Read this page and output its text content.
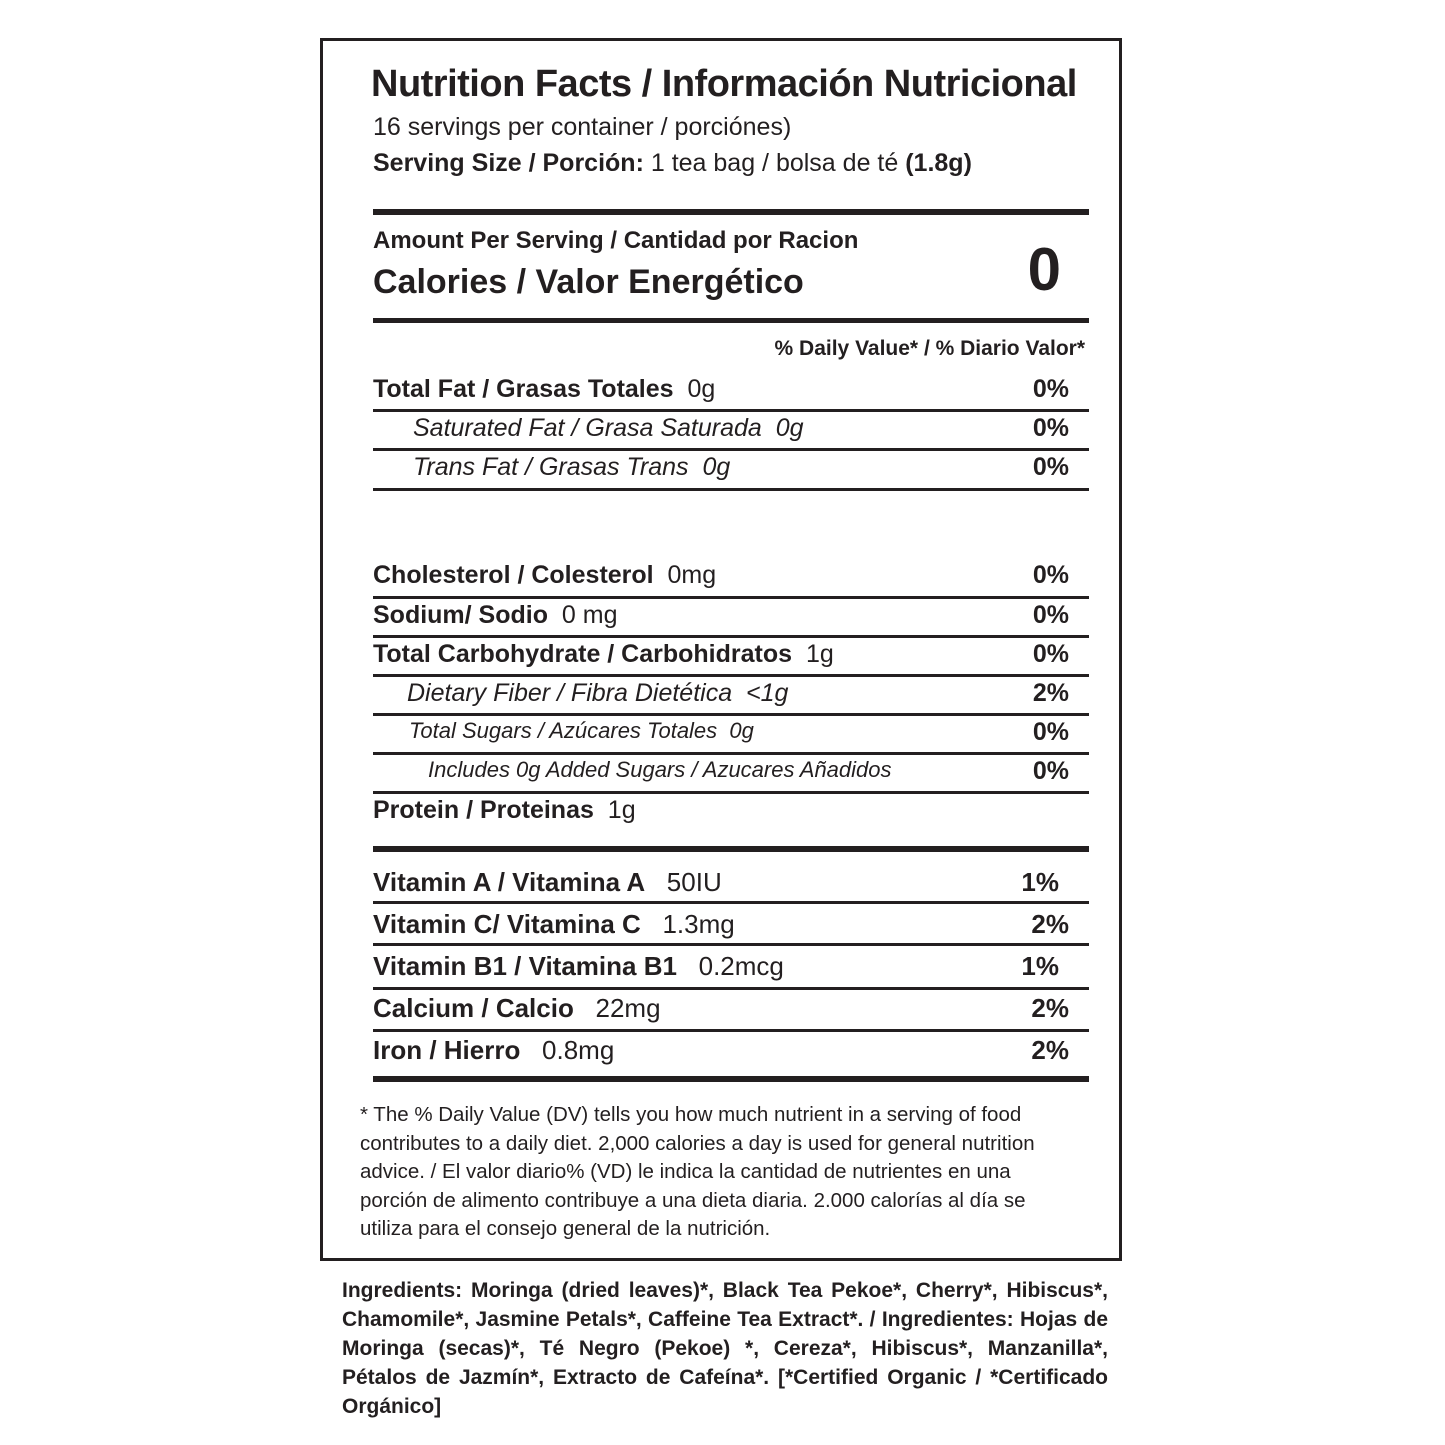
Nutrition Facts / Información Nutricional
16 servings per container / porciónes)
Serving Size / Porción: 1 tea bag / bolsa de té (1.8g)
Amount Per Serving / Cantidad por Racion
Calories / Valor Energético	0
% Daily Value* / % Diario Valor*
Total Fat / Grasas Totales 0g	0%
Saturated Fat / Grasa Saturada 0g	0%
Trans Fat / Grasas Trans 0g	0%
Cholesterol / Colesterol 0mg	0%
Sodium/ Sodio 0 mg	0%
Total Carbohydrate / Carbohidratos 1g	0%
Dietary Fiber / Fibra Dietética <1g	2%
Total Sugars / Azúcares Totales 0g	0%
Includes 0g Added Sugars / Azucares Añadidos	0%
Protein / Proteinas 1g
Vitamin A / Vitamina A 50IU	1%
Vitamin C/ Vitamina C 1.3mg	2%
Vitamin B1 / Vitamina B1 0.2mcg	1%
Calcium / Calcio 22mg	2%
Iron / Hierro 0.8mg	2%
* The % Daily Value (DV) tells you how much nutrient in a serving of food contributes to a daily diet. 2,000 calories a day is used for general nutrition advice. / El valor diario% (VD) le indica la cantidad de nutrientes en una porción de alimento contribuye a una dieta diaria. 2.000 calorías al día se utiliza para el consejo general de la nutrición.
Ingredients: Moringa (dried leaves)*, Black Tea Pekoe*, Cherry*, Hibiscus*, Chamomile*, Jasmine Petals*, Caffeine Tea Extract*. / Ingredientes: Hojas de Moringa (secas)*, Té Negro (Pekoe) *, Cereza*, Hibiscus*, Manzanilla*, Pétalos de Jazmín*, Extracto de Cafeína*. [*Certified Organic / *Certificado Orgánico]
